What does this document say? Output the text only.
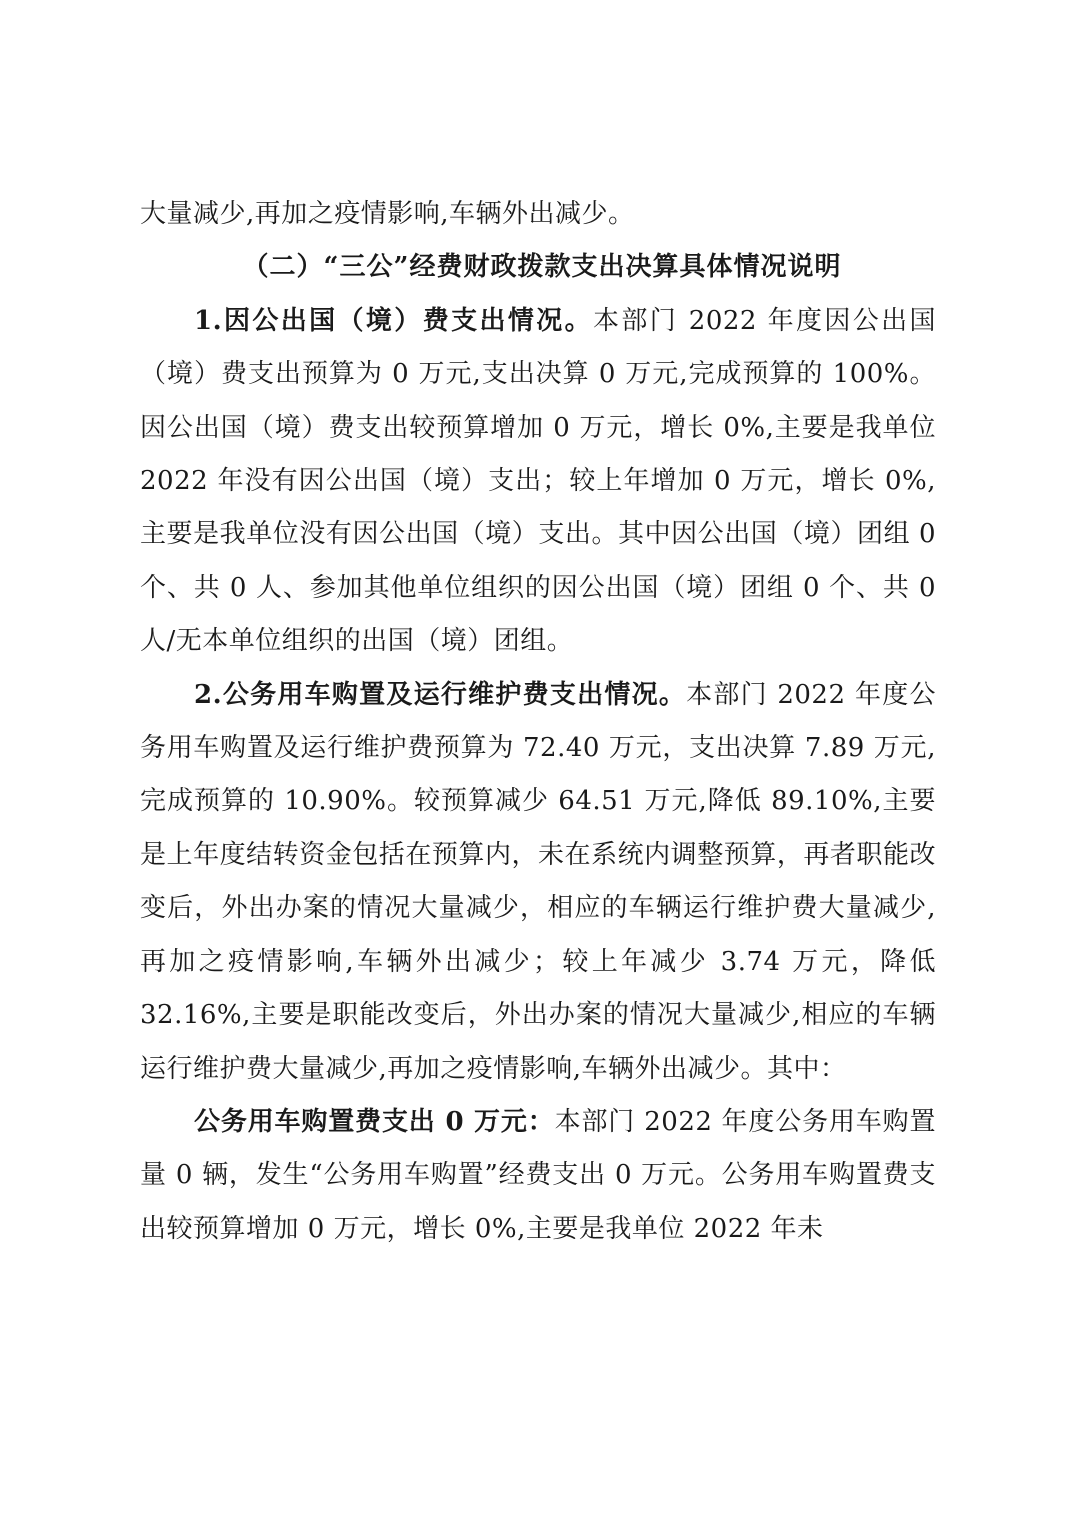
大量减少,再加之疫情影响,车辆外出减少。

（二）“三公”经费财政拨款支出决算具体情况说明

1.因公出国（境）费支出情况。本部门 2022 年度因公出国（境）费支出预算为 0 万元,支出决算 0 万元,完成预算的 100%。因公出国（境）费支出较预算增加 0 万元，增长 0%,主要是我单位 2022 年没有因公出国（境）支出；较上年增加 0 万元，增长 0%,主要是我单位没有因公出国（境）支出。其中因公出国（境）团组 0 个、共 0 人、参加其他单位组织的因公出国（境）团组 0 个、共 0 人/无本单位组织的出国（境）团组。

2.公务用车购置及运行维护费支出情况。本部门 2022 年度公务用车购置及运行维护费预算为 72.40 万元，支出决算 7.89 万元,完成预算的 10.90%。较预算减少 64.51 万元,降低 89.10%,主要是上年度结转资金包括在预算内，未在系统内调整预算，再者职能改变后，外出办案的情况大量减少，相应的车辆运行维护费大量减少,再加之疫情影响,车辆外出减少；较上年减少 3.74 万元，降低 32.16%,主要是职能改变后，外出办案的情况大量减少,相应的车辆运行维护费大量减少,再加之疫情影响,车辆外出减少。其中：

公务用车购置费支出 0 万元：本部门 2022 年度公务用车购置量 0 辆，发生“公务用车购置”经费支出 0 万元。公务用车购置费支出较预算增加 0 万元，增长 0%,主要是我单位 2022 年未
